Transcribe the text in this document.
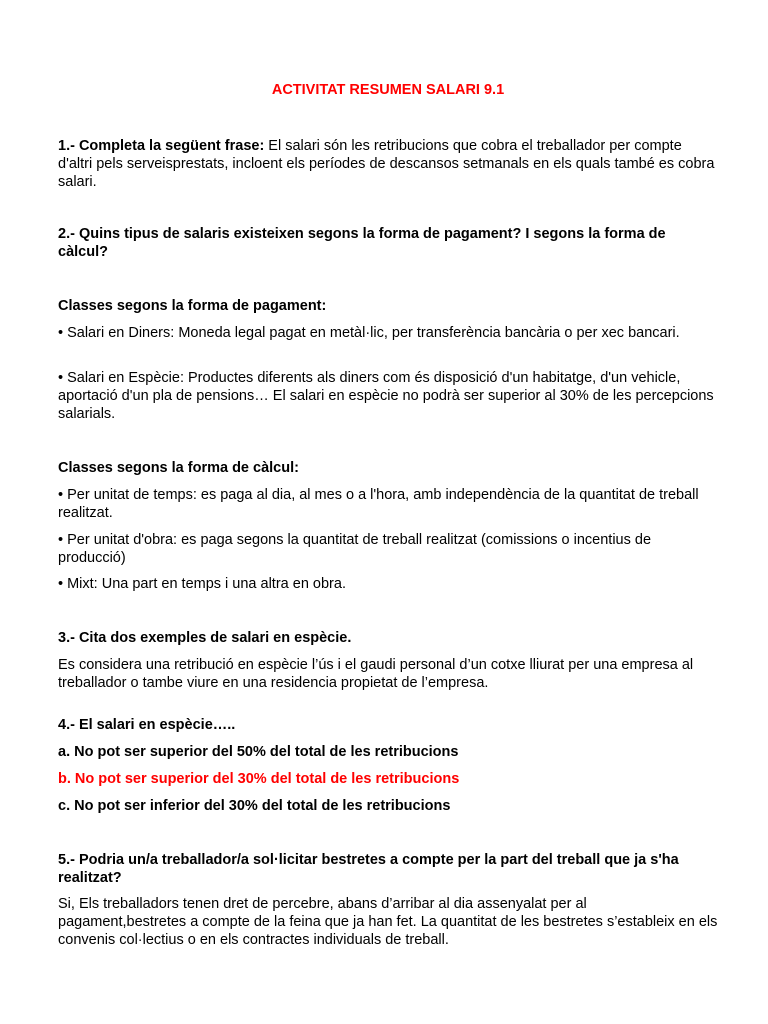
ACTIVITAT RESUMEN SALARI 9.1

1.- Completa la següent frase: El salari són les retribucions que cobra el treballador per compte d'altri pels serveisprestats, incloent els períodes de descansos setmanals en els quals també es cobra salari.

2.- Quins tipus de salaris existeixen segons la forma de pagament? I segons la forma de càlcul?

Classes segons la forma de pagament:

• Salari en Diners: Moneda legal pagat en metàl·lic, per transferència bancària o per xec bancari.

• Salari en Espècie: Productes diferents als diners com és disposició d'un habitatge, d'un vehicle, aportació d'un pla de pensions… El salari en espècie no podrà ser superior al 30% de les percepcions salarials.

Classes segons la forma de càlcul:

• Per unitat de temps: es paga al dia, al mes o a l'hora, amb independència de la quantitat de treball realitzat.

• Per unitat d'obra: es paga segons la quantitat de treball realitzat (comissions o incentius de producció)

• Mixt: Una part en temps i una altra en obra.

3.- Cita dos exemples de salari en espècie.

Es considera una retribució en espècie l’ús i el gaudi personal d’un cotxe lliurat per una empresa al treballador o tambe viure en una residencia propietat de l’empresa.

4.- El salari en espècie…..

a. No pot ser superior del 50% del total de les retribucions

b. No pot ser superior del 30% del total de les retribucions

c. No pot ser inferior del 30% del total de les retribucions

5.- Podria un/a treballador/a sol·licitar bestretes a compte per la part del treball que ja s'ha realitzat?

Si, Els treballadors tenen dret de percebre, abans d’arribar al dia assenyalat per al pagament,bestretes a compte de la feina que ja han fet. La quantitat de les bestretes s’estableix en els convenis col·lectius o en els contractes individuals de treball.
